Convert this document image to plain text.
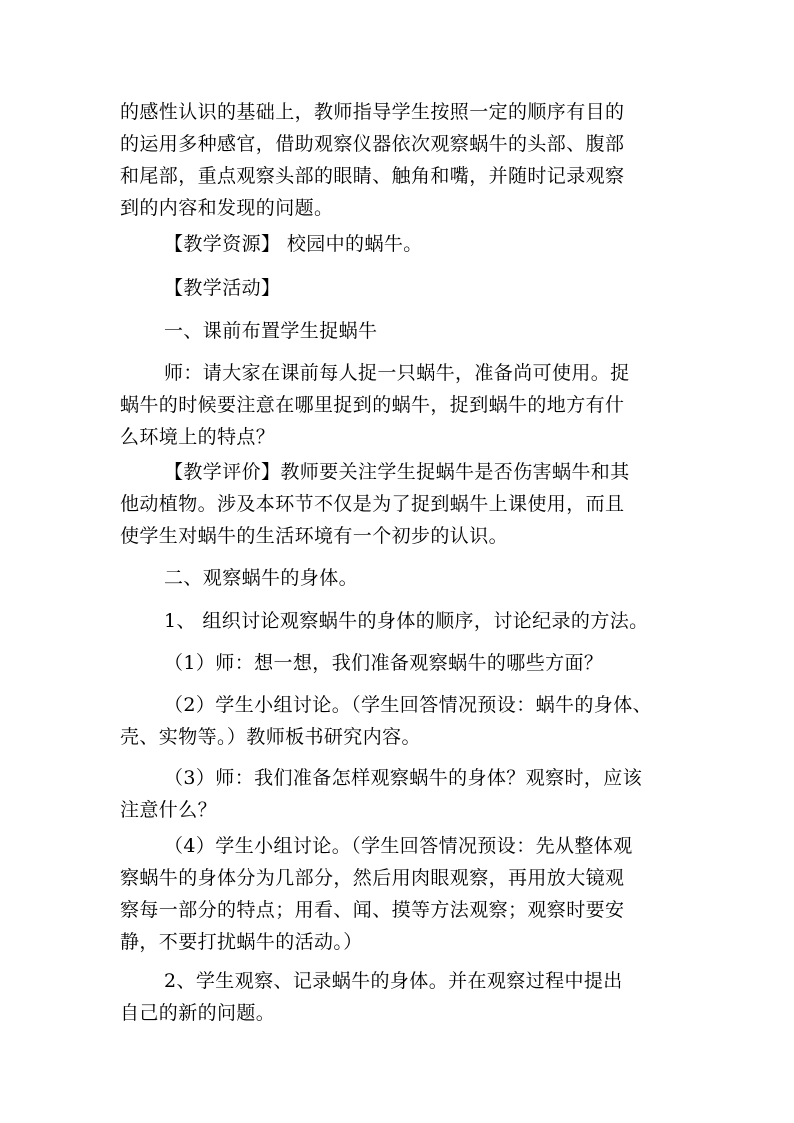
的感性认识的基础上，教师指导学生按照一定的顺序有目的
的运用多种感官，借助观察仪器依次观察蜗牛的头部、腹部
和尾部，重点观察头部的眼睛、触角和嘴，并随时记录观察
到的内容和发现的问题。
【教学资源】 校园中的蜗牛。
【教学活动】
一、课前布置学生捉蜗牛
师：请大家在课前每人捉一只蜗牛，准备尚可使用。捉
蜗牛的时候要注意在哪里捉到的蜗牛，捉到蜗牛的地方有什
么环境上的特点？
【教学评价】教师要关注学生捉蜗牛是否伤害蜗牛和其
他动植物。涉及本环节不仅是为了捉到蜗牛上课使用，而且
使学生对蜗牛的生活环境有一个初步的认识。
二、观察蜗牛的身体。
1、 组织讨论观察蜗牛的身体的顺序，讨论纪录的方法。
（1）师：想一想，我们准备观察蜗牛的哪些方面？
（2）学生小组讨论。（学生回答情况预设：蜗牛的身体、
壳、实物等。）教师板书研究内容。
（3）师：我们准备怎样观察蜗牛的身体？观察时，应该
注意什么？
（4）学生小组讨论。（学生回答情况预设：先从整体观
察蜗牛的身体分为几部分，然后用肉眼观察，再用放大镜观
察每一部分的特点；用看、闻、摸等方法观察；观察时要安
静，不要打扰蜗牛的活动。）
2、学生观察、记录蜗牛的身体。并在观察过程中提出
自己的新的问题。
